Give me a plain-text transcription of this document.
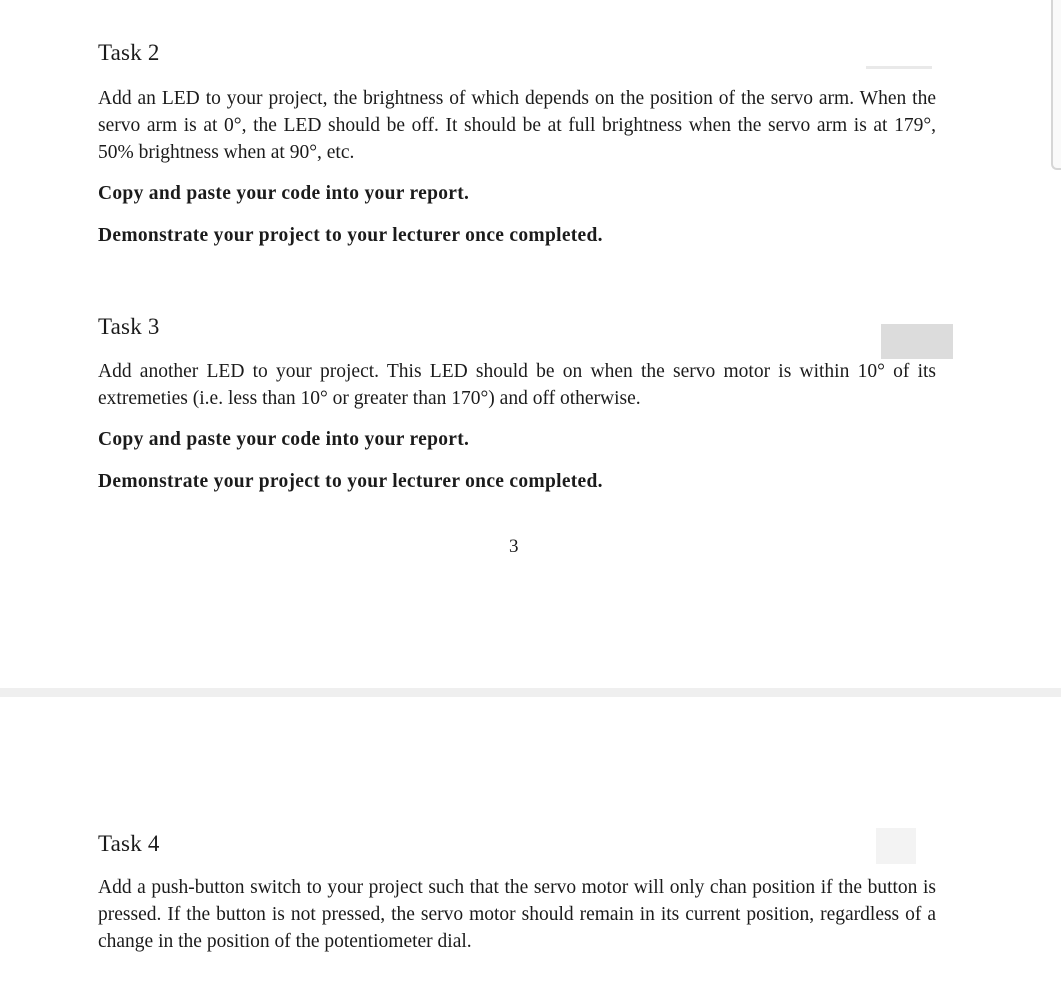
Task 2

Add an LED to your project, the brightness of which depends on the position of the servo arm. When the servo arm is at 0°, the LED should be off. It should be at full brightness when the servo arm is at 179°, 50% brightness when at 90°, etc.

Copy and paste your code into your report.

Demonstrate your project to your lecturer once completed.

Task 3

Add another LED to your project. This LED should be on when the servo motor is within 10° of its extremeties (i.e. less than 10° or greater than 170°) and off otherwise.

Copy and paste your code into your report.

Demonstrate your project to your lecturer once completed.

3
Task 4

Add a push-button switch to your project such that the servo motor will only chan position if the button is pressed. If the button is not pressed, the servo motor should remain in its current position, regardless of a change in the position of the potentiometer dial.
